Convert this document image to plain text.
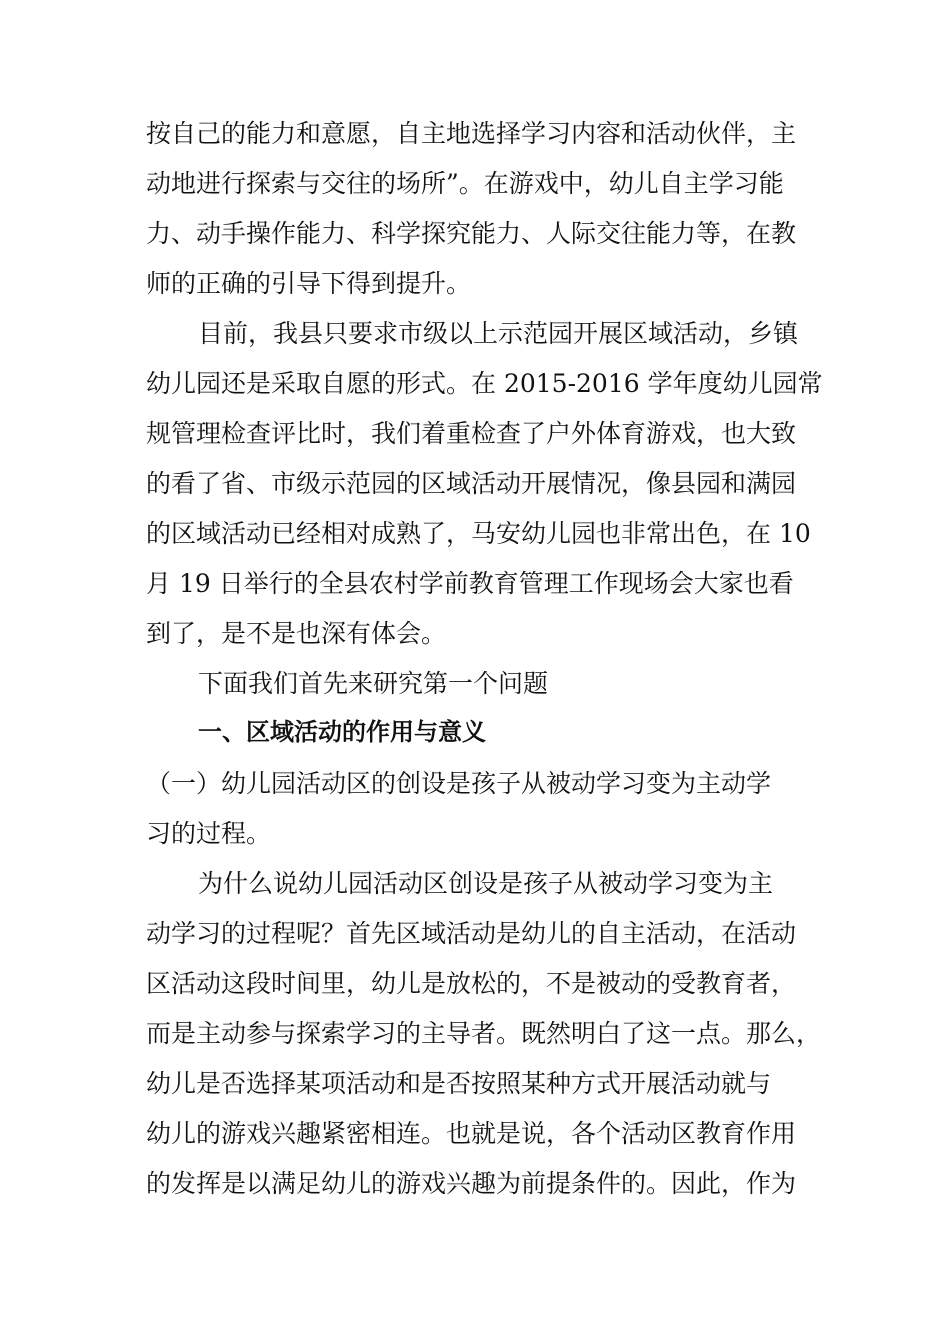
按自己的能力和意愿，自主地选择学习内容和活动伙伴，主
动地进行探索与交往的场所”。在游戏中，幼儿自主学习能
力、动手操作能力、科学探究能力、人际交往能力等，在教
师的正确的引导下得到提升。
目前，我县只要求市级以上示范园开展区域活动，乡镇
幼儿园还是采取自愿的形式。在 2015-2016 学年度幼儿园常
规管理检查评比时，我们着重检查了户外体育游戏，也大致
的看了省、市级示范园的区域活动开展情况，像县园和满园
的区域活动已经相对成熟了，马安幼儿园也非常出色，在 10
月 19 日举行的全县农村学前教育管理工作现场会大家也看
到了，是不是也深有体会。
下面我们首先来研究第一个问题
一、区域活动的作用与意义
（一）幼儿园活动区的创设是孩子从被动学习变为主动学
习的过程。
为什么说幼儿园活动区创设是孩子从被动学习变为主
动学习的过程呢？首先区域活动是幼儿的自主活动，在活动
区活动这段时间里，幼儿是放松的，不是被动的受教育者，
而是主动参与探索学习的主导者。既然明白了这一点。那么，
幼儿是否选择某项活动和是否按照某种方式开展活动就与
幼儿的游戏兴趣紧密相连。也就是说，各个活动区教育作用
的发挥是以满足幼儿的游戏兴趣为前提条件的。因此，作为
